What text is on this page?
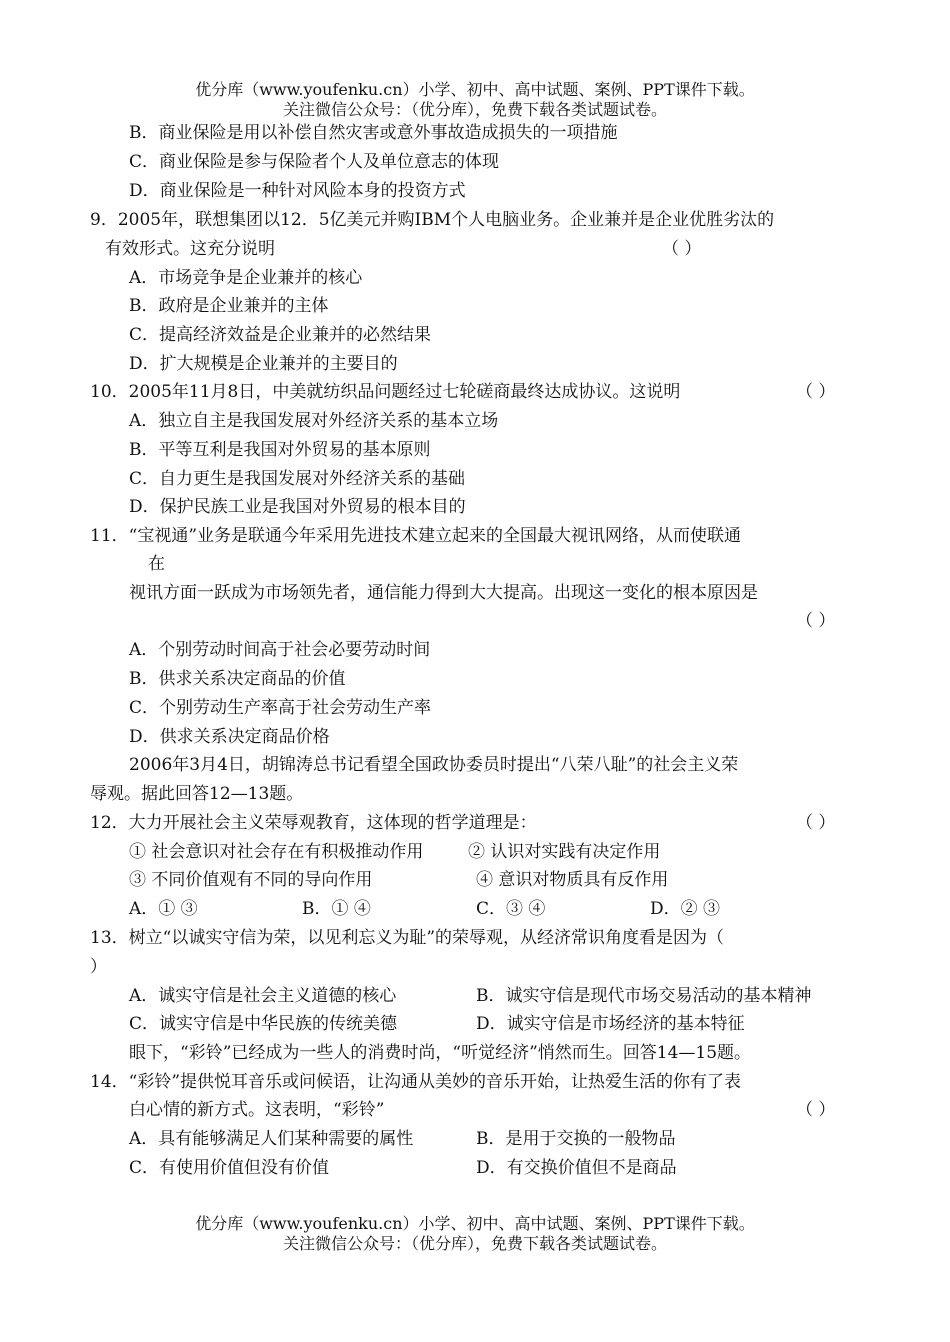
优分库（www.youfenku.cn）小学、初中、高中试题、案例、PPT课件下载。
关注微信公众号：（优分库），免费下载各类试题试卷。
B．商业保险是用以补偿自然灾害或意外事故造成损失的一项措施
C．商业保险是参与保险者个人及单位意志的体现
D．商业保险是一种针对风险本身的投资方式
9．2005年，联想集团以12．5亿美元并购IBM个人电脑业务。企业兼并是企业优胜劣汰的
有效形式。这充分说明	（ ）
A．市场竞争是企业兼并的核心
B．政府是企业兼并的主体
C．提高经济效益是企业兼并的必然结果
D．扩大规模是企业兼并的主要目的
10．2005年11月8日，中美就纺织品问题经过七轮磋商最终达成协议。这说明	（ ）
A．独立自主是我国发展对外经济关系的基本立场
B．平等互利是我国对外贸易的基本原则
C．自力更生是我国发展对外经济关系的基础
D．保护民族工业是我国对外贸易的根本目的
11．“宝视通”业务是联通今年采用先进技术建立起来的全国最大视讯网络，从而使联通
在
视讯方面一跃成为市场领先者，通信能力得到大大提高。出现这一变化的根本原因是
（ ）
A．个别劳动时间高于社会必要劳动时间
B．供求关系决定商品的价值
C．个别劳动生产率高于社会劳动生产率
D．供求关系决定商品价格
2006年3月4日，胡锦涛总书记看望全国政协委员时提出“八荣八耻”的社会主义荣
辱观。据此回答12—13题。
12．大力开展社会主义荣辱观教育，这体现的哲学道理是：	（ ）
① 社会意识对社会存在有积极推动作用	② 认识对实践有决定作用
③ 不同价值观有不同的导向作用	④ 意识对物质具有反作用
A．① ③	B．① ④	C．③ ④	D．② ③
13．树立“以诚实守信为荣，以见利忘义为耻”的荣辱观，从经济常识角度看是因为（
）
A．诚实守信是社会主义道德的核心	B．诚实守信是现代市场交易活动的基本精神
C．诚实守信是中华民族的传统美德	D．诚实守信是市场经济的基本特征
眼下，“彩铃”已经成为一些人的消费时尚，“听觉经济”悄然而生。回答14—15题。
14．“彩铃”提供悦耳音乐或问候语，让沟通从美妙的音乐开始，让热爱生活的你有了表
白心情的新方式。这表明，“彩铃”	（ ）
A．具有能够满足人们某种需要的属性	B．是用于交换的一般物品
C．有使用价值但没有价值	D．有交换价值但不是商品
优分库（www.youfenku.cn）小学、初中、高中试题、案例、PPT课件下载。
关注微信公众号：（优分库），免费下载各类试题试卷。
